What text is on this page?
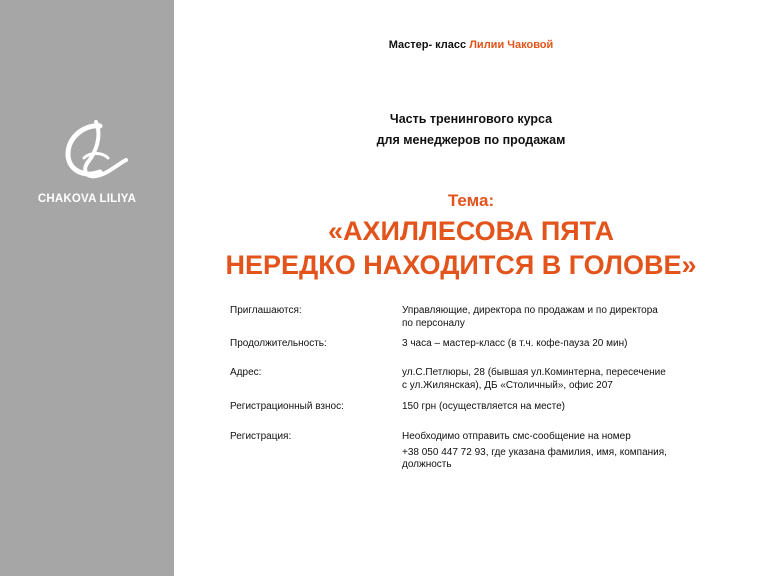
CHAKOVA LILIYA
Мастер- класс Лилии Чаковой
Часть тренингового курса
для менеджеров по продажам
Тема:
«АХИЛЛЕСОВА ПЯТА
НЕРЕДКО НАХОДИТСЯ В ГОЛОВЕ»
Приглашаются:	Управляющие, директора по продажам и по директора
по персоналу
Продолжительность:	3 часа – мастер-класс (в т.ч. кофе-пауза 20 мин)
Адрес:	ул.С.Петлюры, 28 (бывшая ул.Коминтерна, пересечение
с ул.Жилянская), ДБ «Столичный», офис 207
Регистрационный взнос:	150 грн (осуществляется на месте)
Регистрация:	Необходимо отправить смс-сообщение на номер
+38 050 447 72 93, где указана фамилия, имя, компания,
должность
